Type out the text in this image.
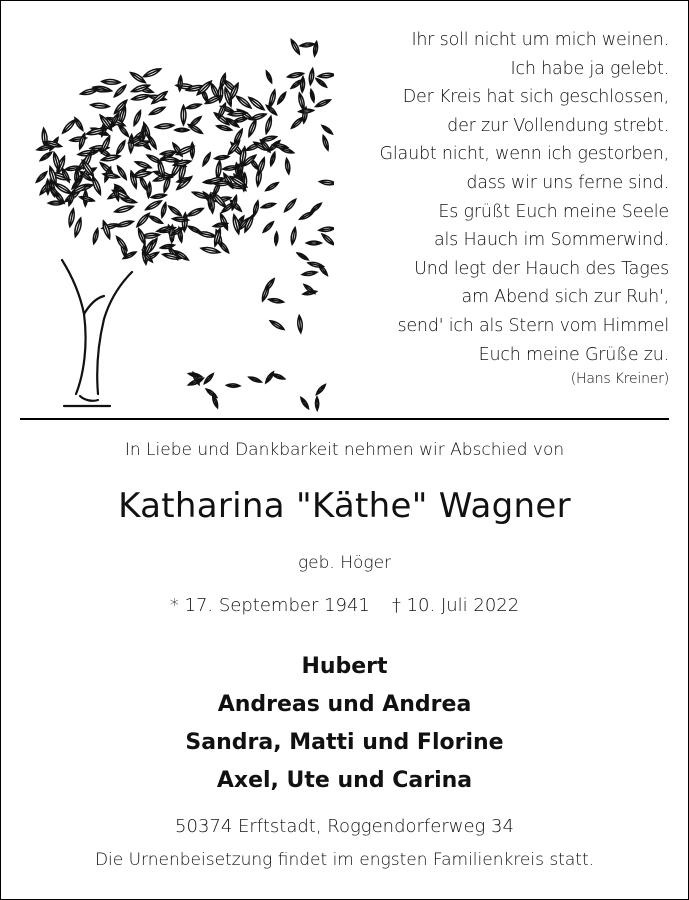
Ihr soll nicht um mich weinen.
Ich habe ja gelebt.
Der Kreis hat sich geschlossen,
der zur Vollendung strebt.
Glaubt nicht, wenn ich gestorben,
dass wir uns ferne sind.
Es grüßt Euch meine Seele
als Hauch im Sommerwind.
Und legt der Hauch des Tages
am Abend sich zur Ruh',
send' ich als Stern vom Himmel
Euch meine Grüße zu.
(Hans Kreiner)
In Liebe und Dankbarkeit nehmen wir Abschied von
Katharina "Käthe" Wagner
geb. Höger
* 17. September 1941 † 10. Juli 2022
Hubert
Andreas und Andrea
Sandra, Matti und Florine
Axel, Ute und Carina
50374 Erftstadt, Roggendorferweg 34
Die Urnenbeisetzung findet im engsten Familienkreis statt.
